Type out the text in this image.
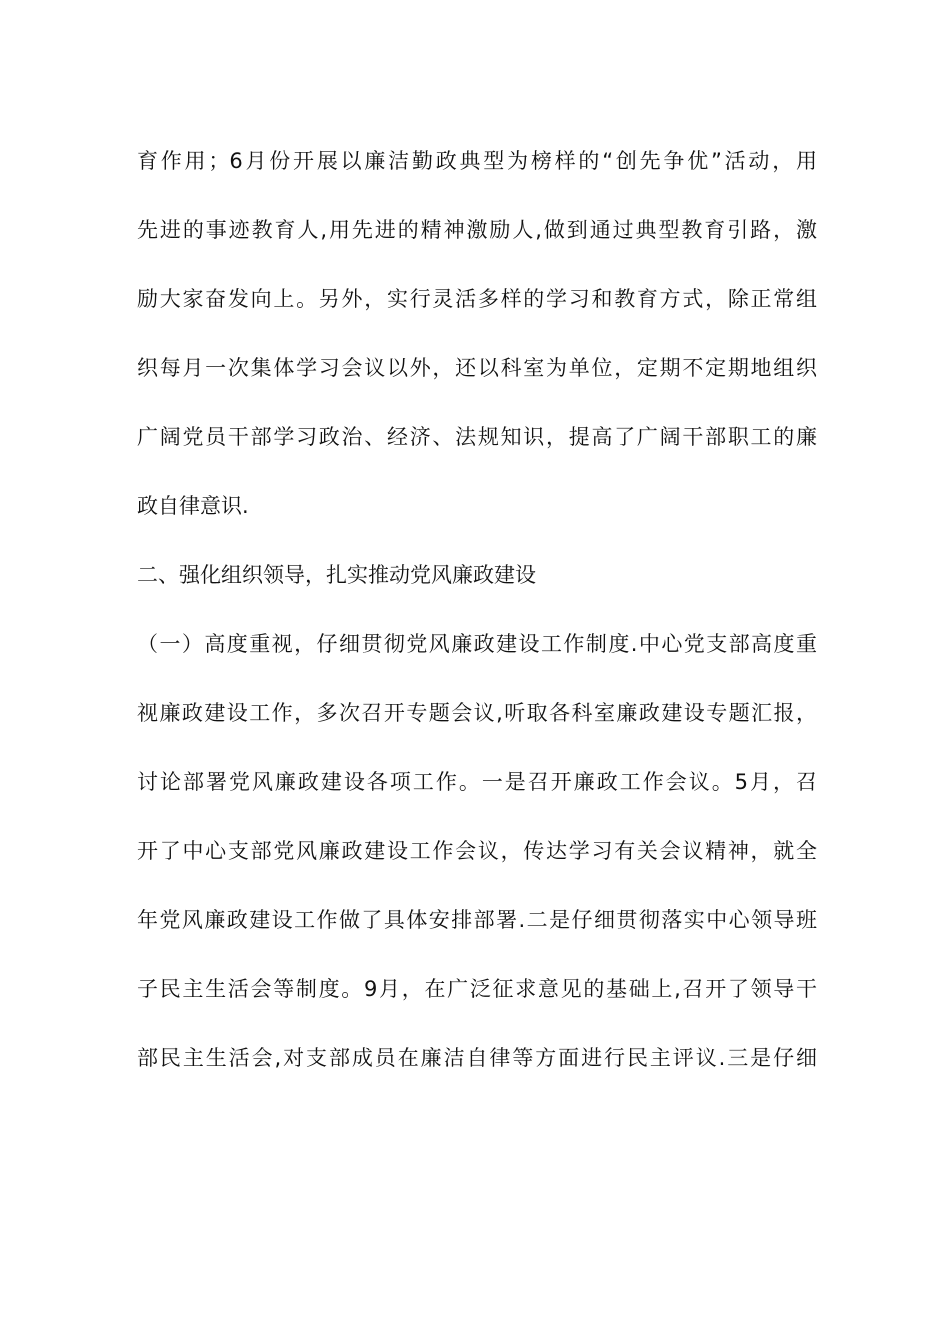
育作用；6月份开展以廉洁勤政典型为榜样的“创先争优”活动，用
先进的事迹教育人,用先进的精神激励人,做到通过典型教育引路，激
励大家奋发向上。另外，实行灵活多样的学习和教育方式，除正常组
织每月一次集体学习会议以外，还以科室为单位，定期不定期地组织
广阔党员干部学习政治、经济、法规知识，提高了广阔干部职工的廉
政自律意识.
二、强化组织领导，扎实推动党风廉政建设
（一）高度重视，仔细贯彻党风廉政建设工作制度.中心党支部高度重
视廉政建设工作，多次召开专题会议,听取各科室廉政建设专题汇报，
讨论部署党风廉政建设各项工作。一是召开廉政工作会议。5月，召
开了中心支部党风廉政建设工作会议，传达学习有关会议精神，就全
年党风廉政建设工作做了具体安排部署.二是仔细贯彻落实中心领导班
子民主生活会等制度。9月，在广泛征求意见的基础上,召开了领导干
部民主生活会,对支部成员在廉洁自律等方面进行民主评议.三是仔细
